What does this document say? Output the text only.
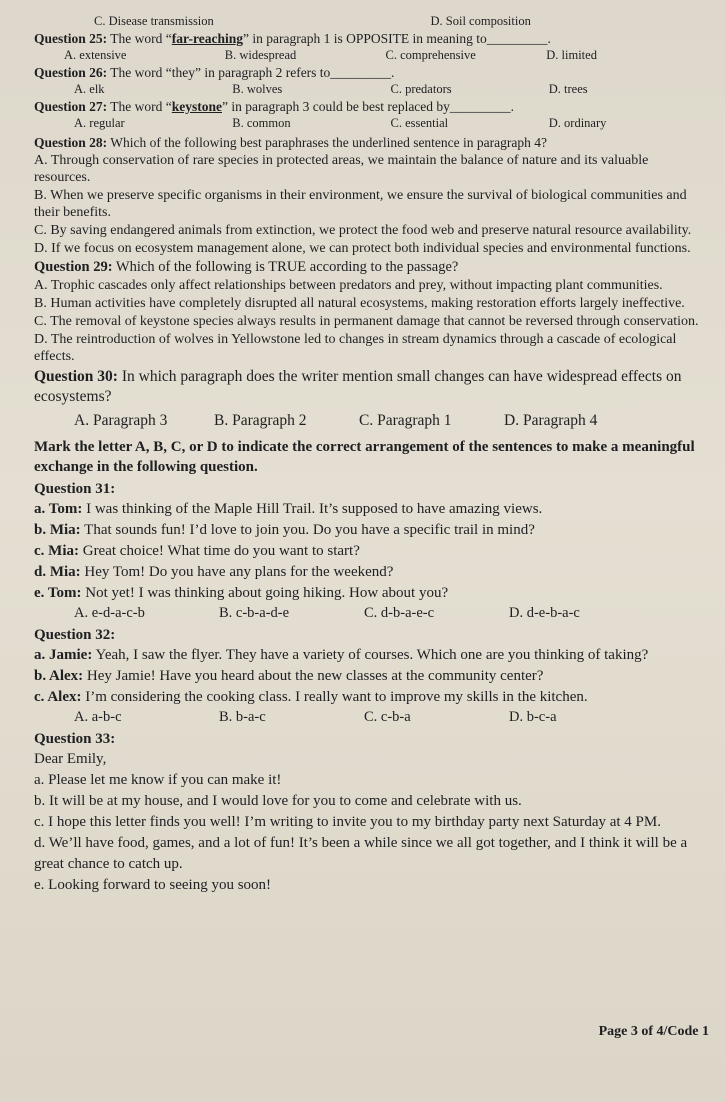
C. Disease transmission	D. Soil composition
Question 25: The word “far-reaching” in paragraph 1 is OPPOSITE in meaning to_________.
A. extensive	B. widespread	C. comprehensive	D. limited
Question 26: The word “they” in paragraph 2 refers to_________.
A. elk	B. wolves	C. predators	D. trees
Question 27: The word “keystone” in paragraph 3 could be best replaced by_________.
A. regular	B. common	C. essential	D. ordinary
Question 28: Which of the following best paraphrases the underlined sentence in paragraph 4?
A. Through conservation of rare species in protected areas, we maintain the balance of nature and its valuable resources.
B. When we preserve specific organisms in their environment, we ensure the survival of biological communities and their benefits.
C. By saving endangered animals from extinction, we protect the food web and preserve natural resource availability.
D. If we focus on ecosystem management alone, we can protect both individual species and environmental functions.
Question 29: Which of the following is TRUE according to the passage?
A. Trophic cascades only affect relationships between predators and prey, without impacting plant communities.
B. Human activities have completely disrupted all natural ecosystems, making restoration efforts largely ineffective.
C. The removal of keystone species always results in permanent damage that cannot be reversed through conservation.
D. The reintroduction of wolves in Yellowstone led to changes in stream dynamics through a cascade of ecological effects.
Question 30: In which paragraph does the writer mention small changes can have widespread effects on ecosystems?
A. Paragraph 3	B. Paragraph 2	C. Paragraph 1	D. Paragraph 4
Mark the letter A, B, C, or D to indicate the correct arrangement of the sentences to make a meaningful exchange in the following question.
Question 31:
a. Tom: I was thinking of the Maple Hill Trail. It’s supposed to have amazing views.
b. Mia: That sounds fun! I’d love to join you. Do you have a specific trail in mind?
c. Mia: Great choice! What time do you want to start?
d. Mia: Hey Tom! Do you have any plans for the weekend?
e. Tom: Not yet! I was thinking about going hiking. How about you?
A. e-d-a-c-b	B. c-b-a-d-e	C. d-b-a-e-c	D. d-e-b-a-c
Question 32:
a. Jamie: Yeah, I saw the flyer. They have a variety of courses. Which one are you thinking of taking?
b. Alex: Hey Jamie! Have you heard about the new classes at the community center?
c. Alex: I’m considering the cooking class. I really want to improve my skills in the kitchen.
A. a-b-c	B. b-a-c	C. c-b-a	D. b-c-a
Question 33:
Dear Emily,
a. Please let me know if you can make it!
b. It will be at my house, and I would love for you to come and celebrate with us.
c. I hope this letter finds you well! I’m writing to invite you to my birthday party next Saturday at 4 PM.
d. We’ll have food, games, and a lot of fun! It’s been a while since we all got together, and I think it will be a great chance to catch up.
e. Looking forward to seeing you soon!
Page 3 of 4/Code 1
